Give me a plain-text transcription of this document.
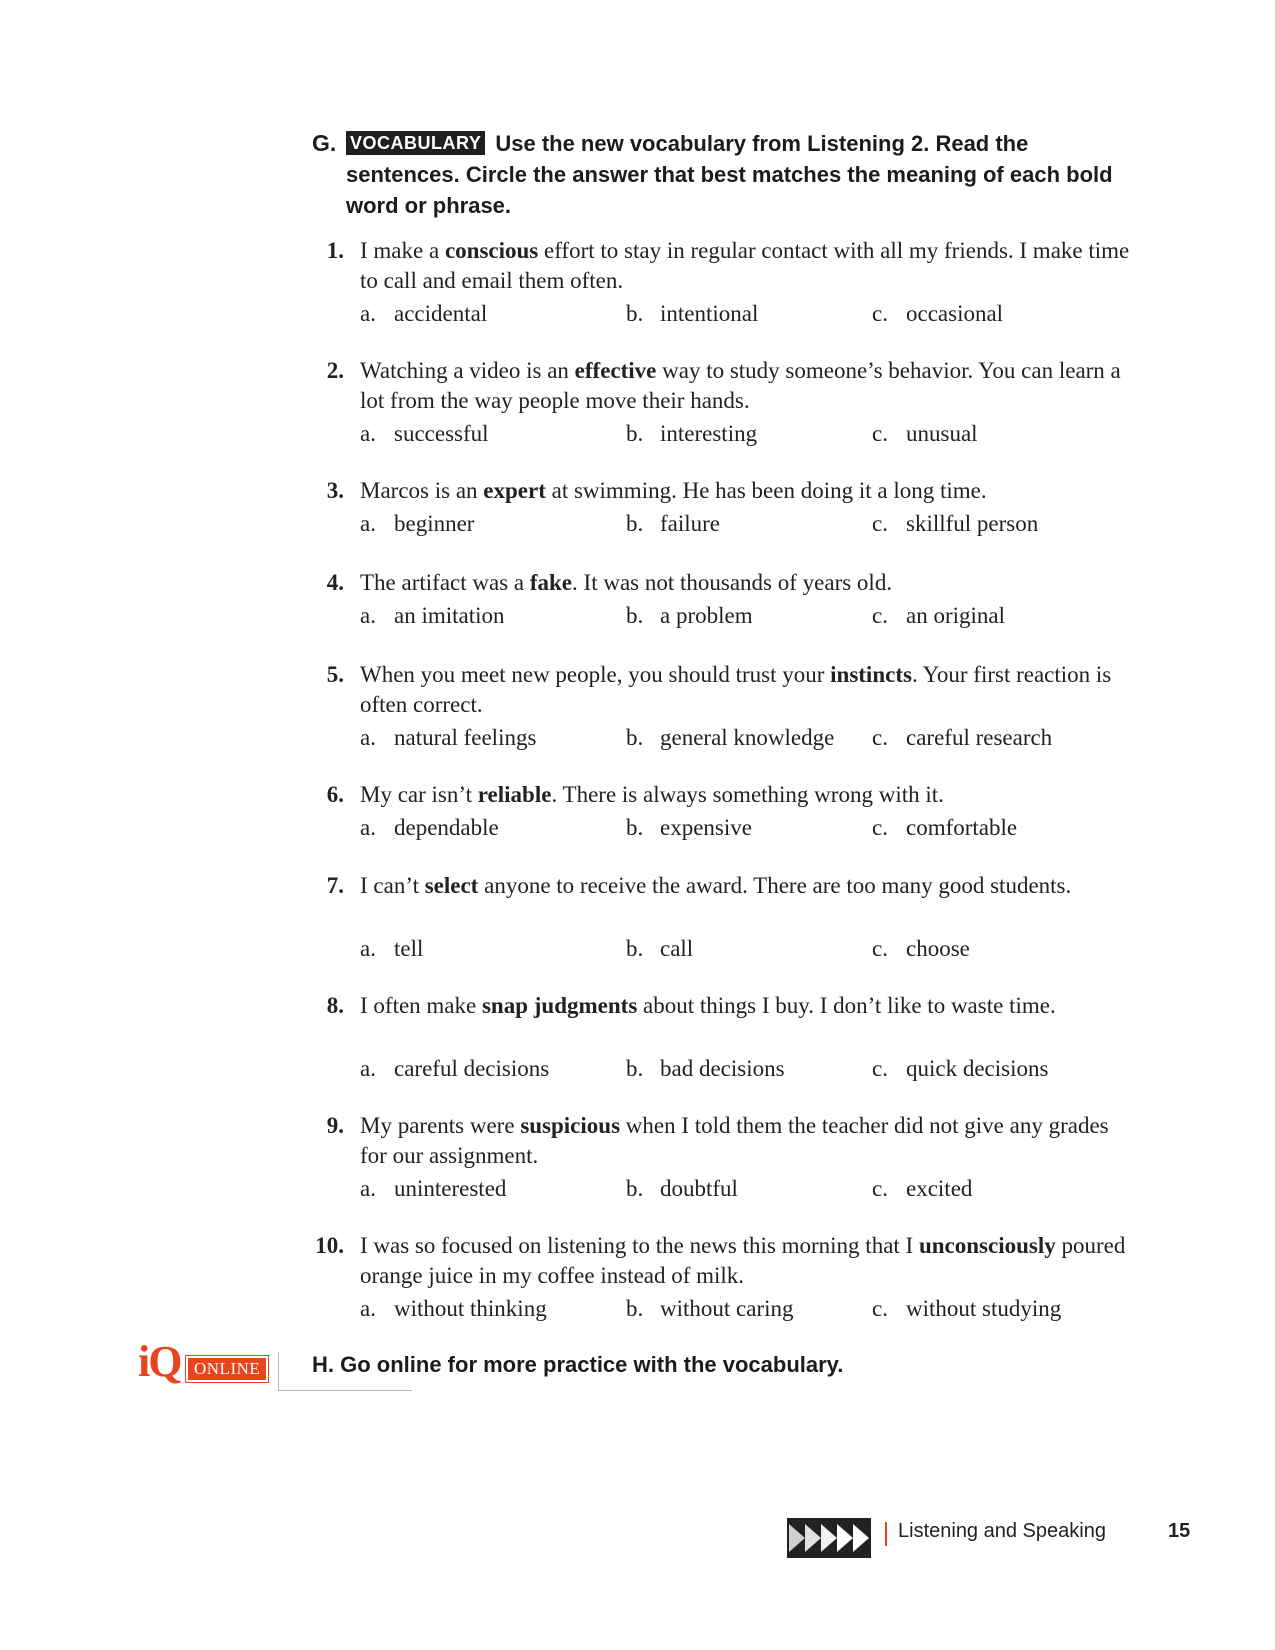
G. VOCABULARY Use the new vocabulary from Listening 2. Read the sentences. Circle the answer that best matches the meaning of each bold word or phrase.
1. I make a conscious effort to stay in regular contact with all my friends. I make time to call and email them often.
a. accidental	b. intentional	c. occasional
2. Watching a video is an effective way to study someone’s behavior. You can learn a lot from the way people move their hands.
a. successful	b. interesting	c. unusual
3. Marcos is an expert at swimming. He has been doing it a long time.
a. beginner	b. failure	c. skillful person
4. The artifact was a fake. It was not thousands of years old.
a. an imitation	b. a problem	c. an original
5. When you meet new people, you should trust your instincts. Your first reaction is often correct.
a. natural feelings	b. general knowledge c. careful research
6. My car isn’t reliable. There is always something wrong with it.
a. dependable	b. expensive	c. comfortable
7. I can’t select anyone to receive the award. There are too many good students.
a. tell	b. call	c. choose
8. I often make snap judgments about things I buy. I don’t like to waste time.
a. careful decisions	b. bad decisions	c. quick decisions
9. My parents were suspicious when I told them the teacher did not give any grades for our assignment.
a. uninterested	b. doubtful	c. excited
10. I was so focused on listening to the news this morning that I unconsciously poured orange juice in my coffee instead of milk.
a. without thinking	b. without caring	c. without studying
iQ ONLINE	H. Go online for more practice with the vocabulary.
Listening and Speaking	15
